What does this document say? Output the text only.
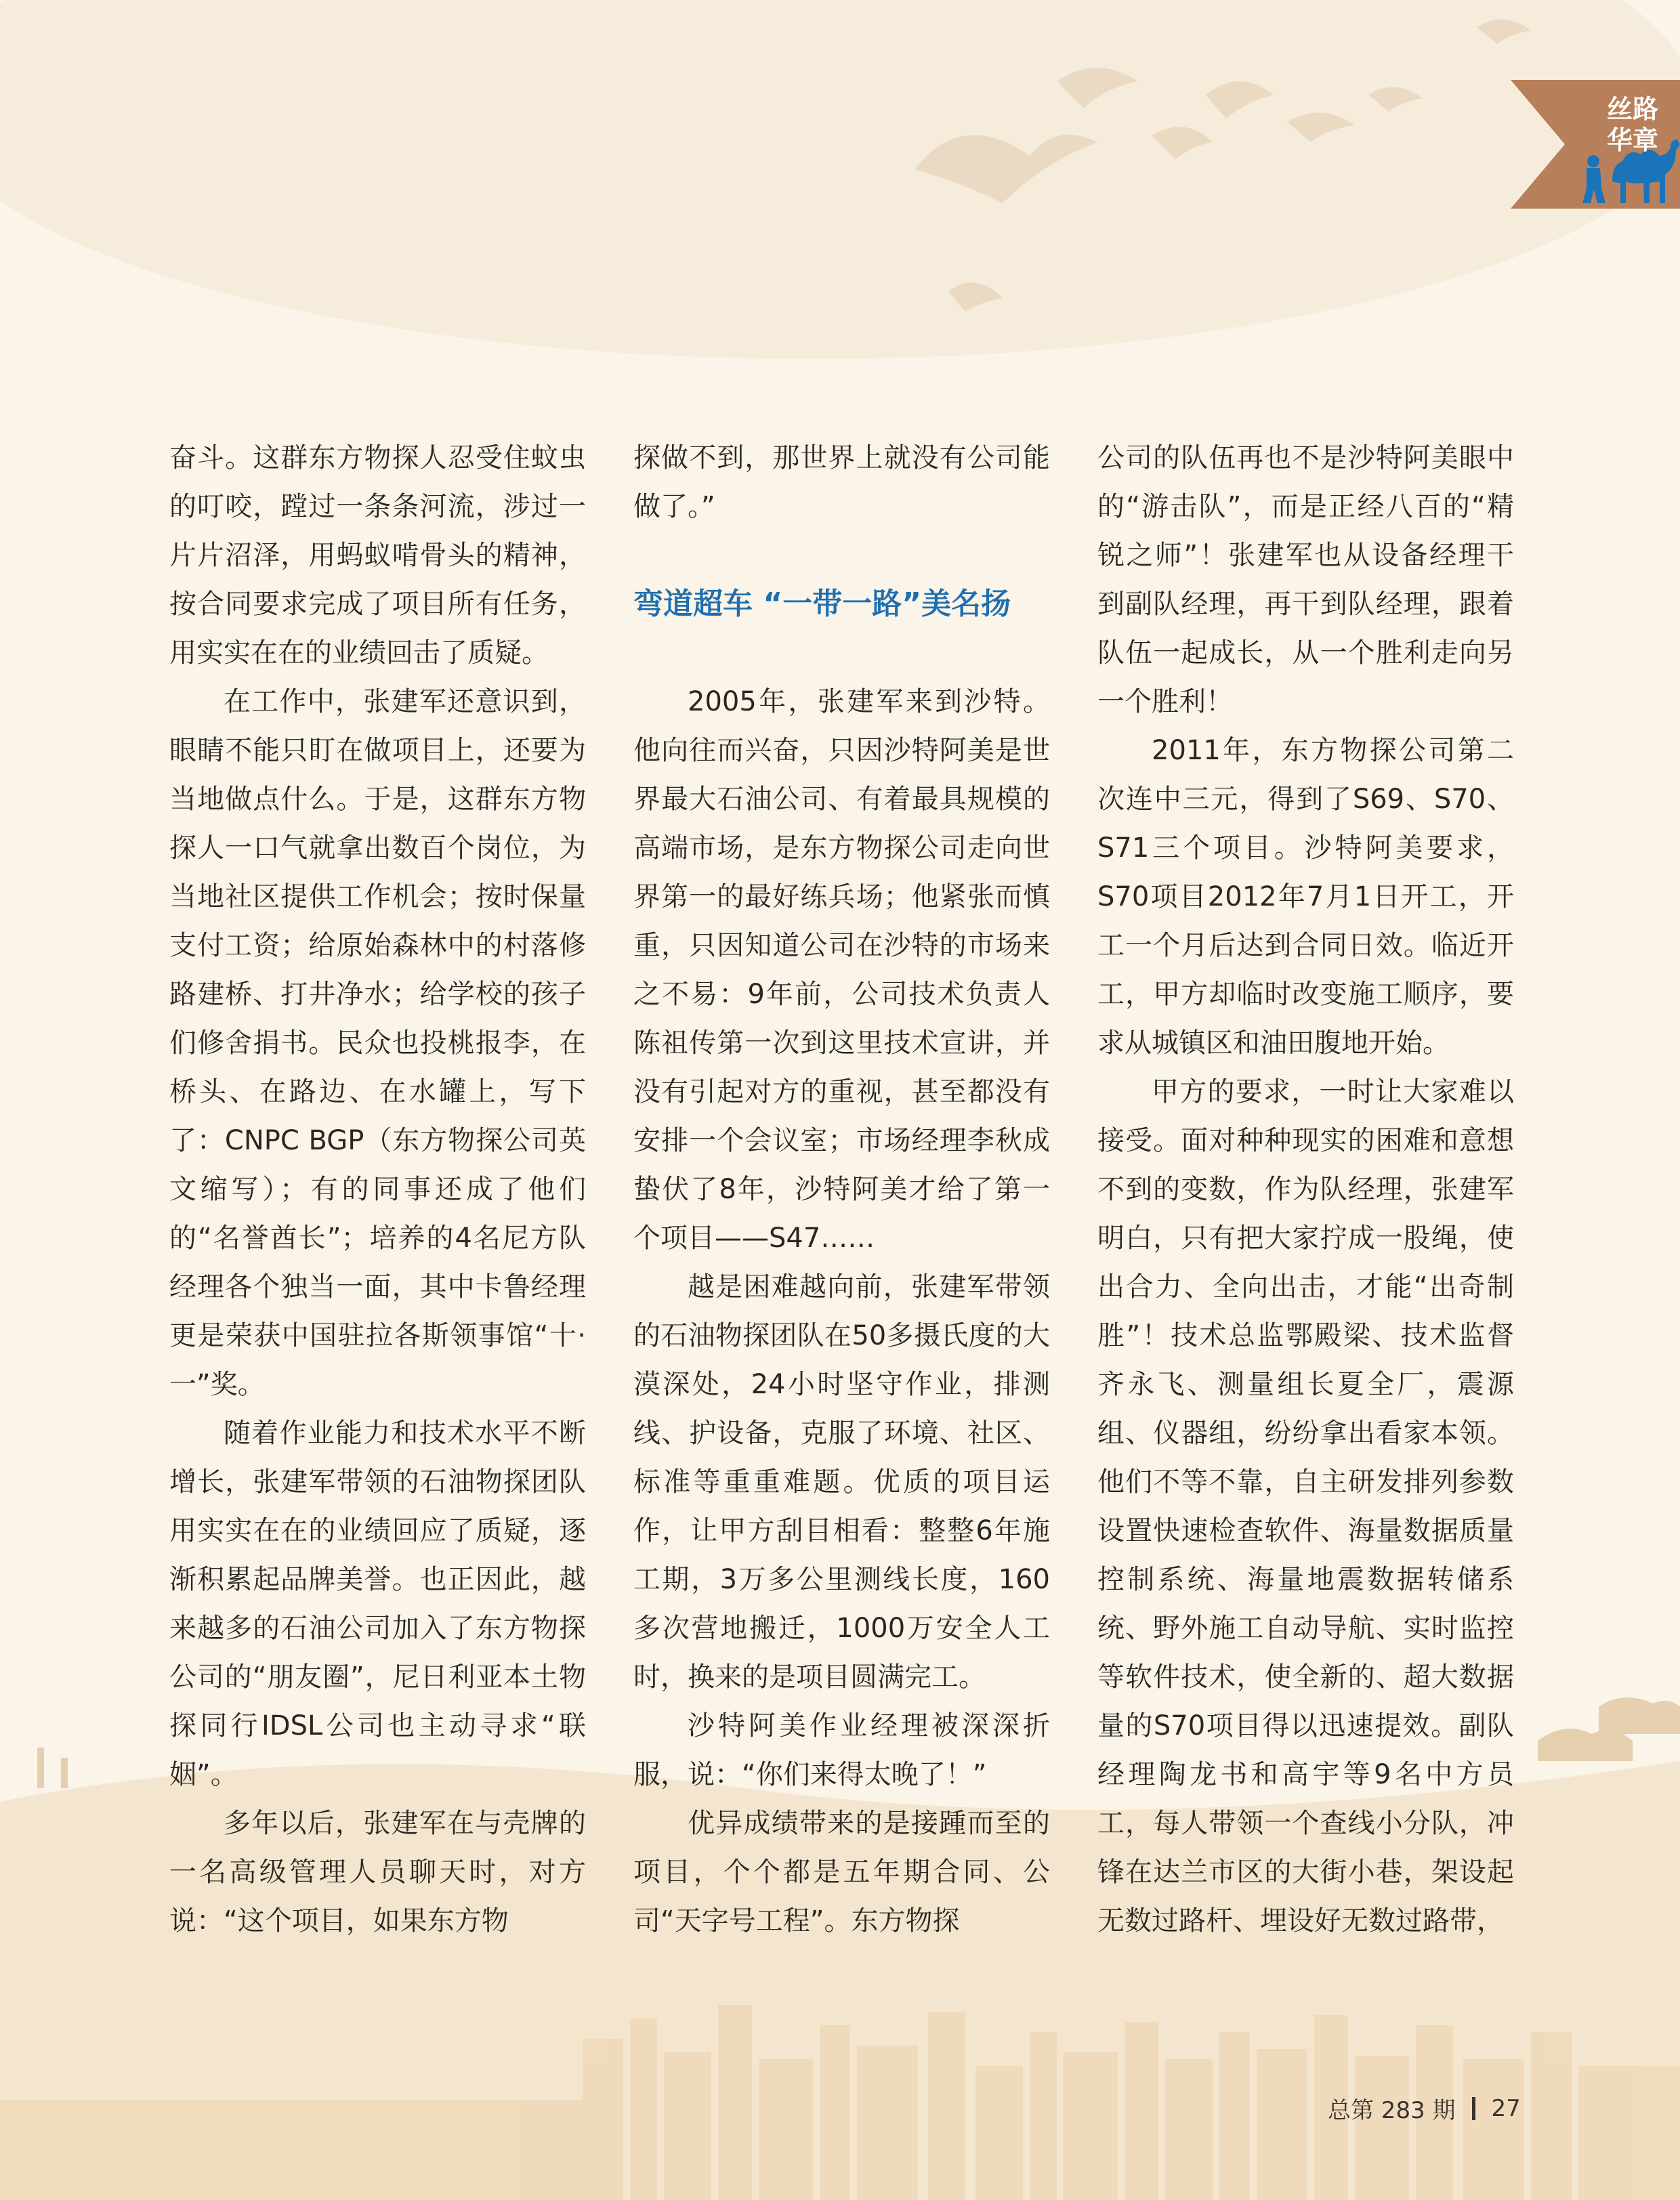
丝路
华章

奋斗。这群东方物探人忍受住蚊虫的叮咬，蹚过一条条河流，涉过一片片沼泽，用蚂蚁啃骨头的精神，按合同要求完成了项目所有任务，用实实在在的业绩回击了质疑。

在工作中，张建军还意识到，眼睛不能只盯在做项目上，还要为当地做点什么。于是，这群东方物探人一口气就拿出数百个岗位，为当地社区提供工作机会；按时保量支付工资；给原始森林中的村落修路建桥、打井净水；给学校的孩子们修舍捐书。民众也投桃报李，在桥头、在路边、在水罐上，写下了：CNPC BGP（东方物探公司英文缩写）；有的同事还成了他们的“名誉酋长”；培养的4名尼方队经理各个独当一面，其中卡鲁经理更是荣获中国驻拉各斯领事馆“十·一”奖。

随着作业能力和技术水平不断增长，张建军带领的石油物探团队用实实在在的业绩回应了质疑，逐渐积累起品牌美誉。也正因此，越来越多的石油公司加入了东方物探公司的“朋友圈”，尼日利亚本土物探同行IDSL公司也主动寻求“联姻”。

多年以后，张建军在与壳牌的一名高级管理人员聊天时，对方说：“这个项目，如果东方物

探做不到，那世界上就没有公司能做了。”

弯道超车 “一带一路”美名扬

2005年，张建军来到沙特。他向往而兴奋，只因沙特阿美是世界最大石油公司、有着最具规模的高端市场，是东方物探公司走向世界第一的最好练兵场；他紧张而慎重，只因知道公司在沙特的市场来之不易：9年前，公司技术负责人陈祖传第一次到这里技术宣讲，并没有引起对方的重视，甚至都没有安排一个会议室；市场经理李秋成蛰伏了8年，沙特阿美才给了第一个项目——S47……

越是困难越向前，张建军带领的石油物探团队在50多摄氏度的大漠深处，24小时坚守作业，排测线、护设备，克服了环境、社区、标准等重重难题。优质的项目运作，让甲方刮目相看：整整6年施工期，3万多公里测线长度，160多次营地搬迁，1000万安全人工时，换来的是项目圆满完工。

沙特阿美作业经理被深深折服，说：“你们来得太晚了！”

优异成绩带来的是接踵而至的项目，个个都是五年期合同、公司“天字号工程”。东方物探

公司的队伍再也不是沙特阿美眼中的“游击队”，而是正经八百的“精锐之师”！张建军也从设备经理干到副队经理，再干到队经理，跟着队伍一起成长，从一个胜利走向另一个胜利！

2011年，东方物探公司第二次连中三元，得到了S69、S70、S71三个项目。沙特阿美要求，S70项目2012年7月1日开工，开工一个月后达到合同日效。临近开工，甲方却临时改变施工顺序，要求从城镇区和油田腹地开始。

甲方的要求，一时让大家难以接受。面对种种现实的困难和意想不到的变数，作为队经理，张建军明白，只有把大家拧成一股绳，使出合力、全向出击，才能“出奇制胜”！技术总监鄂殿梁、技术监督齐永飞、测量组长夏全厂，震源组、仪器组，纷纷拿出看家本领。他们不等不靠，自主研发排列参数设置快速检查软件、海量数据质量控制系统、海量地震数据转储系统、野外施工自动导航、实时监控等软件技术，使全新的、超大数据量的S70项目得以迅速提效。副队经理陶龙书和高宇等9名中方员工，每人带领一个查线小分队，冲锋在达兰市区的大街小巷，架设起无数过路杆、埋设好无数过路带，

总第 283 期 27
